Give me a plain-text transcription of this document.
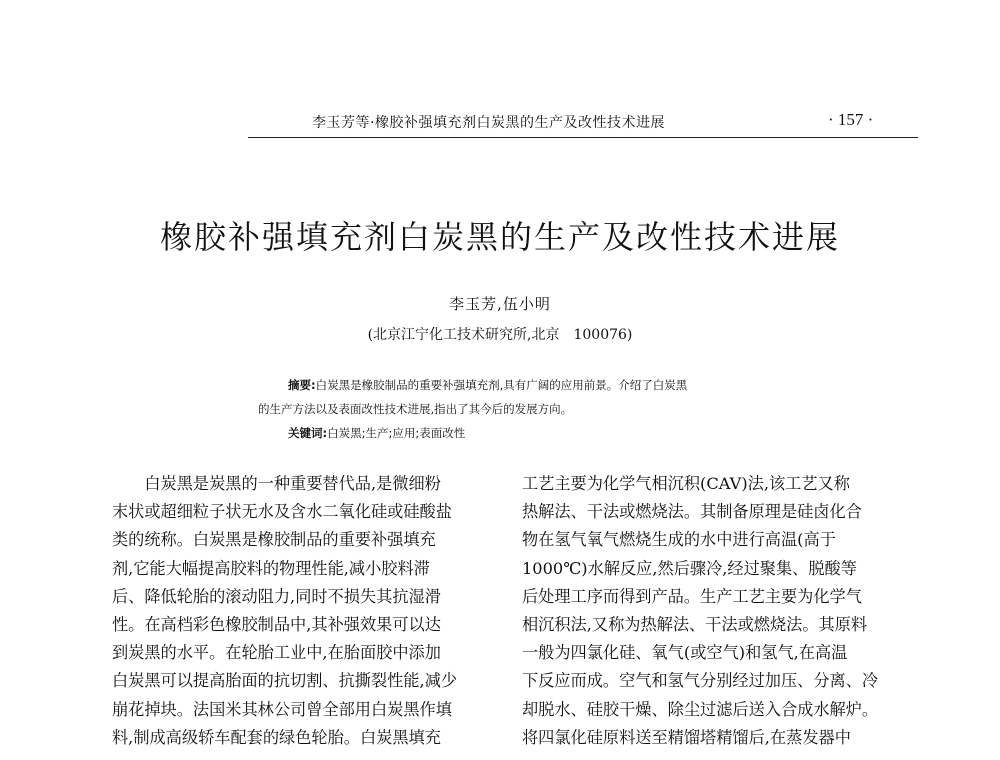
李玉芳等·橡胶补强填充剂白炭黑的生产及改性技术进展	· 157 ·
橡胶补强填充剂白炭黑的生产及改性技术进展
李玉芳,伍小明
(北京江宁化工技术研究所,北京　100076)
摘要:白炭黑是橡胶制品的重要补强填充剂,具有广阔的应用前景。介绍了白炭黑
的生产方法以及表面改性技术进展,指出了其今后的发展方向。
关键词:白炭黑;生产;应用;表面改性
　　白炭黑是炭黑的一种重要替代品,是微细粉
末状或超细粒子状无水及含水二氧化硅或硅酸盐
类的统称。白炭黑是橡胶制品的重要补强填充
剂,它能大幅提高胶料的物理性能,减小胶料滞
后、降低轮胎的滚动阻力,同时不损失其抗湿滑
性。在高档彩色橡胶制品中,其补强效果可以达
到炭黑的水平。在轮胎工业中,在胎面胶中添加
白炭黑可以提高胎面的抗切割、抗撕裂性能,减少
崩花掉块。法国米其林公司曾全部用白炭黑作填
料,制成高级轿车配套的绿色轮胎。白炭黑填充
工艺主要为化学气相沉积(CAV)法,该工艺又称
热解法、干法或燃烧法。其制备原理是硅卤化合
物在氢气氧气燃烧生成的水中进行高温(高于
1000℃)水解反应,然后骤冷,经过聚集、脱酸等
后处理工序而得到产品。生产工艺主要为化学气
相沉积法,又称为热解法、干法或燃烧法。其原料
一般为四氯化硅、氧气(或空气)和氢气,在高温
下反应而成。空气和氢气分别经过加压、分离、冷
却脱水、硅胶干燥、除尘过滤后送入合成水解炉。
将四氯化硅原料送至精馏塔精馏后,在蒸发器中
